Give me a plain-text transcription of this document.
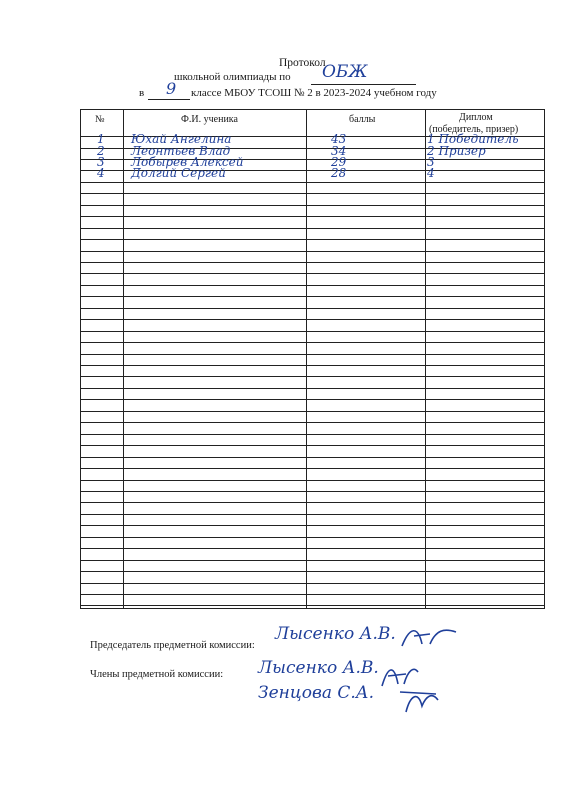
Протокол
школьной олимпиады по ОБЖ
в 9 классе МБОУ ТСОШ № 2 в 2023-2024 учебном году
№	Ф.И. ученика	баллы	Диплом
(победитель, призер)
1 Юхай Ангелина	43	1 Победитель
2 Леонтьев Влад	34	2 Призер
3 Лобырев Алексей	29	3
4 Долгий Сергей	28	4
Председатель предметной комиссии:
Члены предметной комиссии:
Лысенко А.В.
Лысенко А.В.
Зенцова С.А.
